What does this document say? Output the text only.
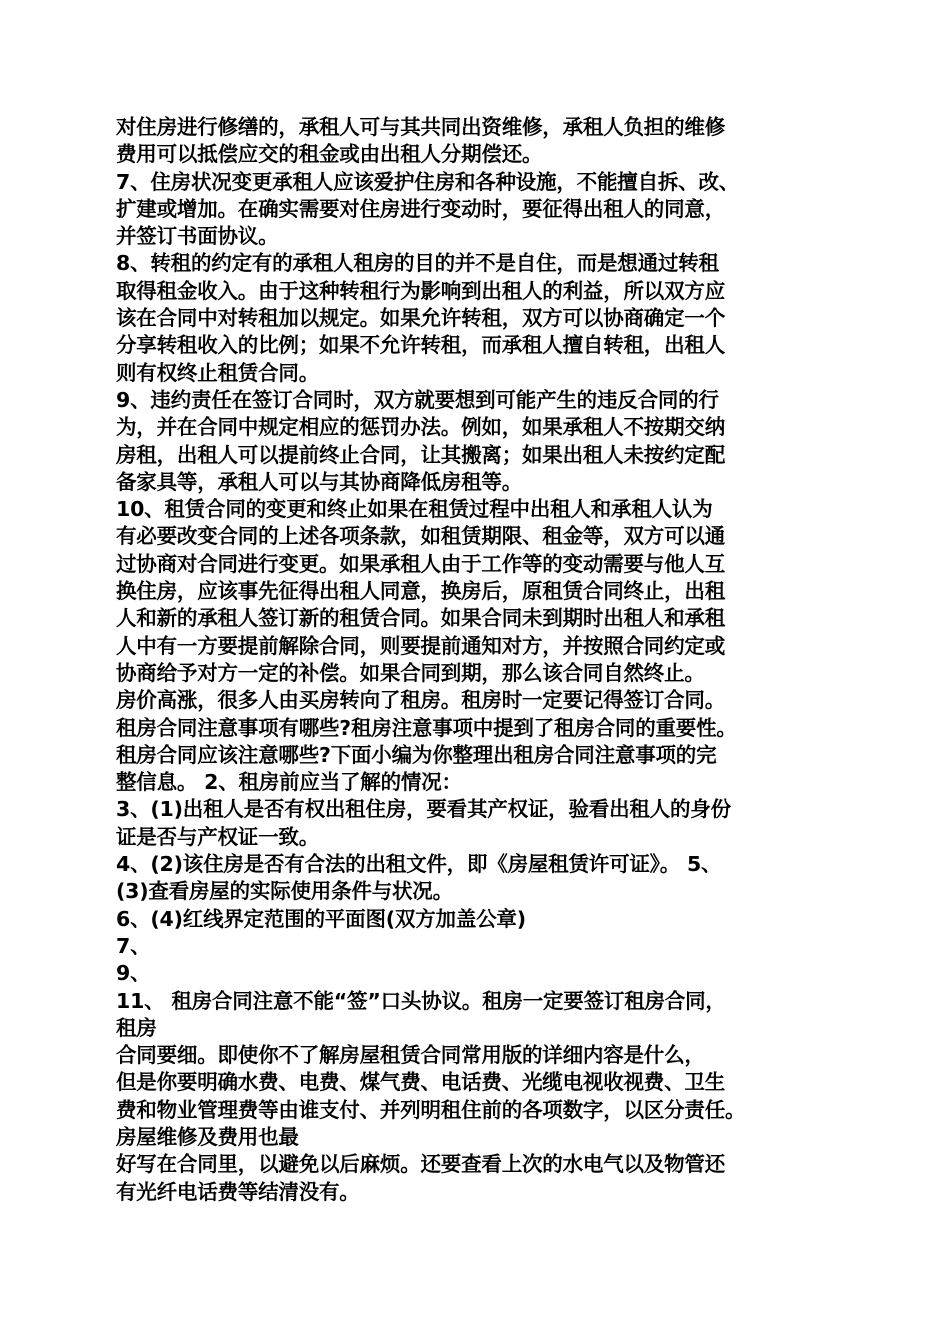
对住房进行修缮的，承租人可与其共同出资维修，承租人负担的维修
费用可以抵偿应交的租金或由出租人分期偿还。
7、住房状况变更承租人应该爱护住房和各种设施，不能擅自拆、改、
扩建或增加。在确实需要对住房进行变动时，要征得出租人的同意，
并签订书面协议。
8、转租的约定有的承租人租房的目的并不是自住，而是想通过转租
取得租金收入。由于这种转租行为影响到出租人的利益，所以双方应
该在合同中对转租加以规定。如果允许转租，双方可以协商确定一个
分享转租收入的比例；如果不允许转租，而承租人擅自转租，出租人
则有权终止租赁合同。
9、违约责任在签订合同时，双方就要想到可能产生的违反合同的行
为，并在合同中规定相应的惩罚办法。例如，如果承租人不按期交纳
房租，出租人可以提前终止合同，让其搬离；如果出租人未按约定配
备家具等，承租人可以与其协商降低房租等。
10、租赁合同的变更和终止如果在租赁过程中出租人和承租人认为
有必要改变合同的上述各项条款，如租赁期限、租金等，双方可以通
过协商对合同进行变更。如果承租人由于工作等的变动需要与他人互
换住房，应该事先征得出租人同意，换房后，原租赁合同终止，出租
人和新的承租人签订新的租赁合同。如果合同未到期时出租人和承租
人中有一方要提前解除合同，则要提前通知对方，并按照合同约定或
协商给予对方一定的补偿。如果合同到期，那么该合同自然终止。
房价高涨，很多人由买房转向了租房。租房时一定要记得签订合同。
租房合同注意事项有哪些?租房注意事项中提到了租房合同的重要性。
租房合同应该注意哪些?下面小编为你整理出租房合同注意事项的完
整信息。 2、租房前应当了解的情况：
3、(1)出租人是否有权出租住房，要看其产权证，验看出租人的身份
证是否与产权证一致。
4、(2)该住房是否有合法的出租文件，即《房屋租赁许可证》。 5、
(3)查看房屋的实际使用条件与状况。
6、(4)红线界定范围的平面图(双方加盖公章)
7、
9、
11、 租房合同注意不能“签”口头协议。租房一定要签订租房合同，
租房
合同要细。即使你不了解房屋租赁合同常用版的详细内容是什么，
但是你要明确水费、电费、煤气费、电话费、光缆电视收视费、卫生
费和物业管理费等由谁支付、并列明租住前的各项数字，以区分责任。
房屋维修及费用也最
好写在合同里，以避免以后麻烦。还要查看上次的水电气以及物管还
有光纤电话费等结清没有。
